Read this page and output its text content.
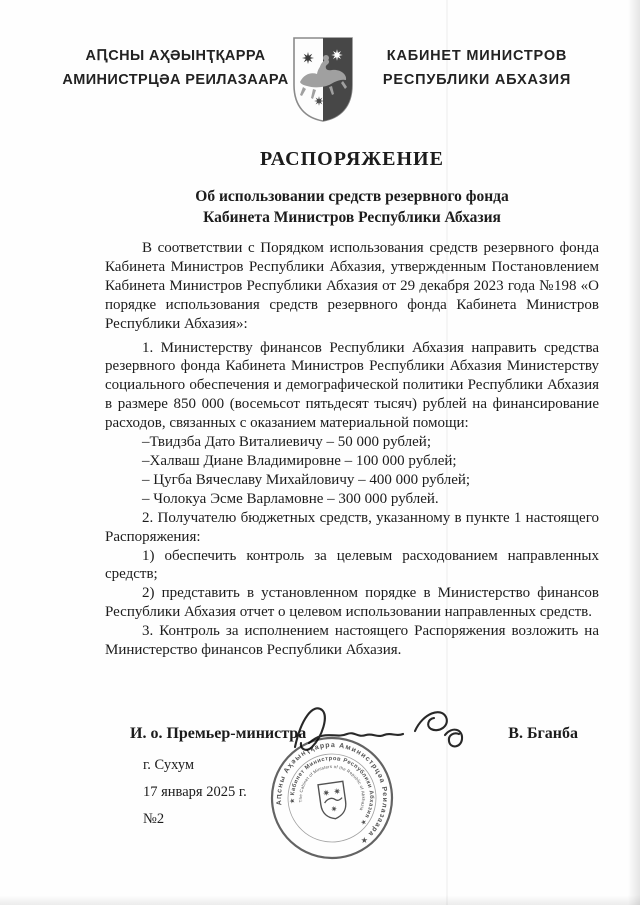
АԤСНЫ АҲӘЫНҬҚАРРА
АМИНИСТРЦӘА РЕИЛАЗААРА
КАБИНЕТ МИНИСТРОВ
РЕСПУБЛИКИ АБХАЗИЯ
РАСПОРЯЖЕНИЕ
Об использовании средств резервного фонда
Кабинета Министров Республики Абхазия

В соответствии с Порядком использования средств резервного фонда Кабинета Министров Республики Абхазия, утвержденным Постановлением Кабинета Министров Республики Абхазия от 29 декабря 2023 года №198 «О порядке использования средств резервного фонда Кабинета Министров Республики Абхазия»:

1. Министерству финансов Республики Абхазия направить средства резервного фонда Кабинета Министров Республики Абхазия Министерству социального обеспечения и демографической политики Республики Абхазия в размере 850 000 (восемьсот пятьдесят тысяч) рублей на финансирование расходов, связанных с оказанием материальной помощи:

–Твидзба Дато Виталиевичу – 50 000 рублей;

–Халваш Диане Владимировне – 100 000 рублей;

– Цугба Вячеславу Михайловичу – 400 000 рублей;

– Чолокуа Эсме Варламовне – 300 000 рублей.

2. Получателю бюджетных средств, указанному в пункте 1 настоящего Распоряжения:

1) обеспечить контроль за целевым расходованием направленных средств;

2) представить в установленном порядке в Министерство финансов Республики Абхазия отчет о целевом использовании направленных средств.

3. Контроль за исполнением настоящего Распоряжения возложить на Министерство финансов Республики Абхазия.

И. о. Премьер-министра	В. Бганба
г. Сухум
17 января 2025 г.
№2
Аԥсны Аҳәынҭқарра Аминистрцәа Реилазаара ★
★ Кабинет Министров Республики Абхазия ★
The Cabinet of Ministers of the Republic of Abkhazia
